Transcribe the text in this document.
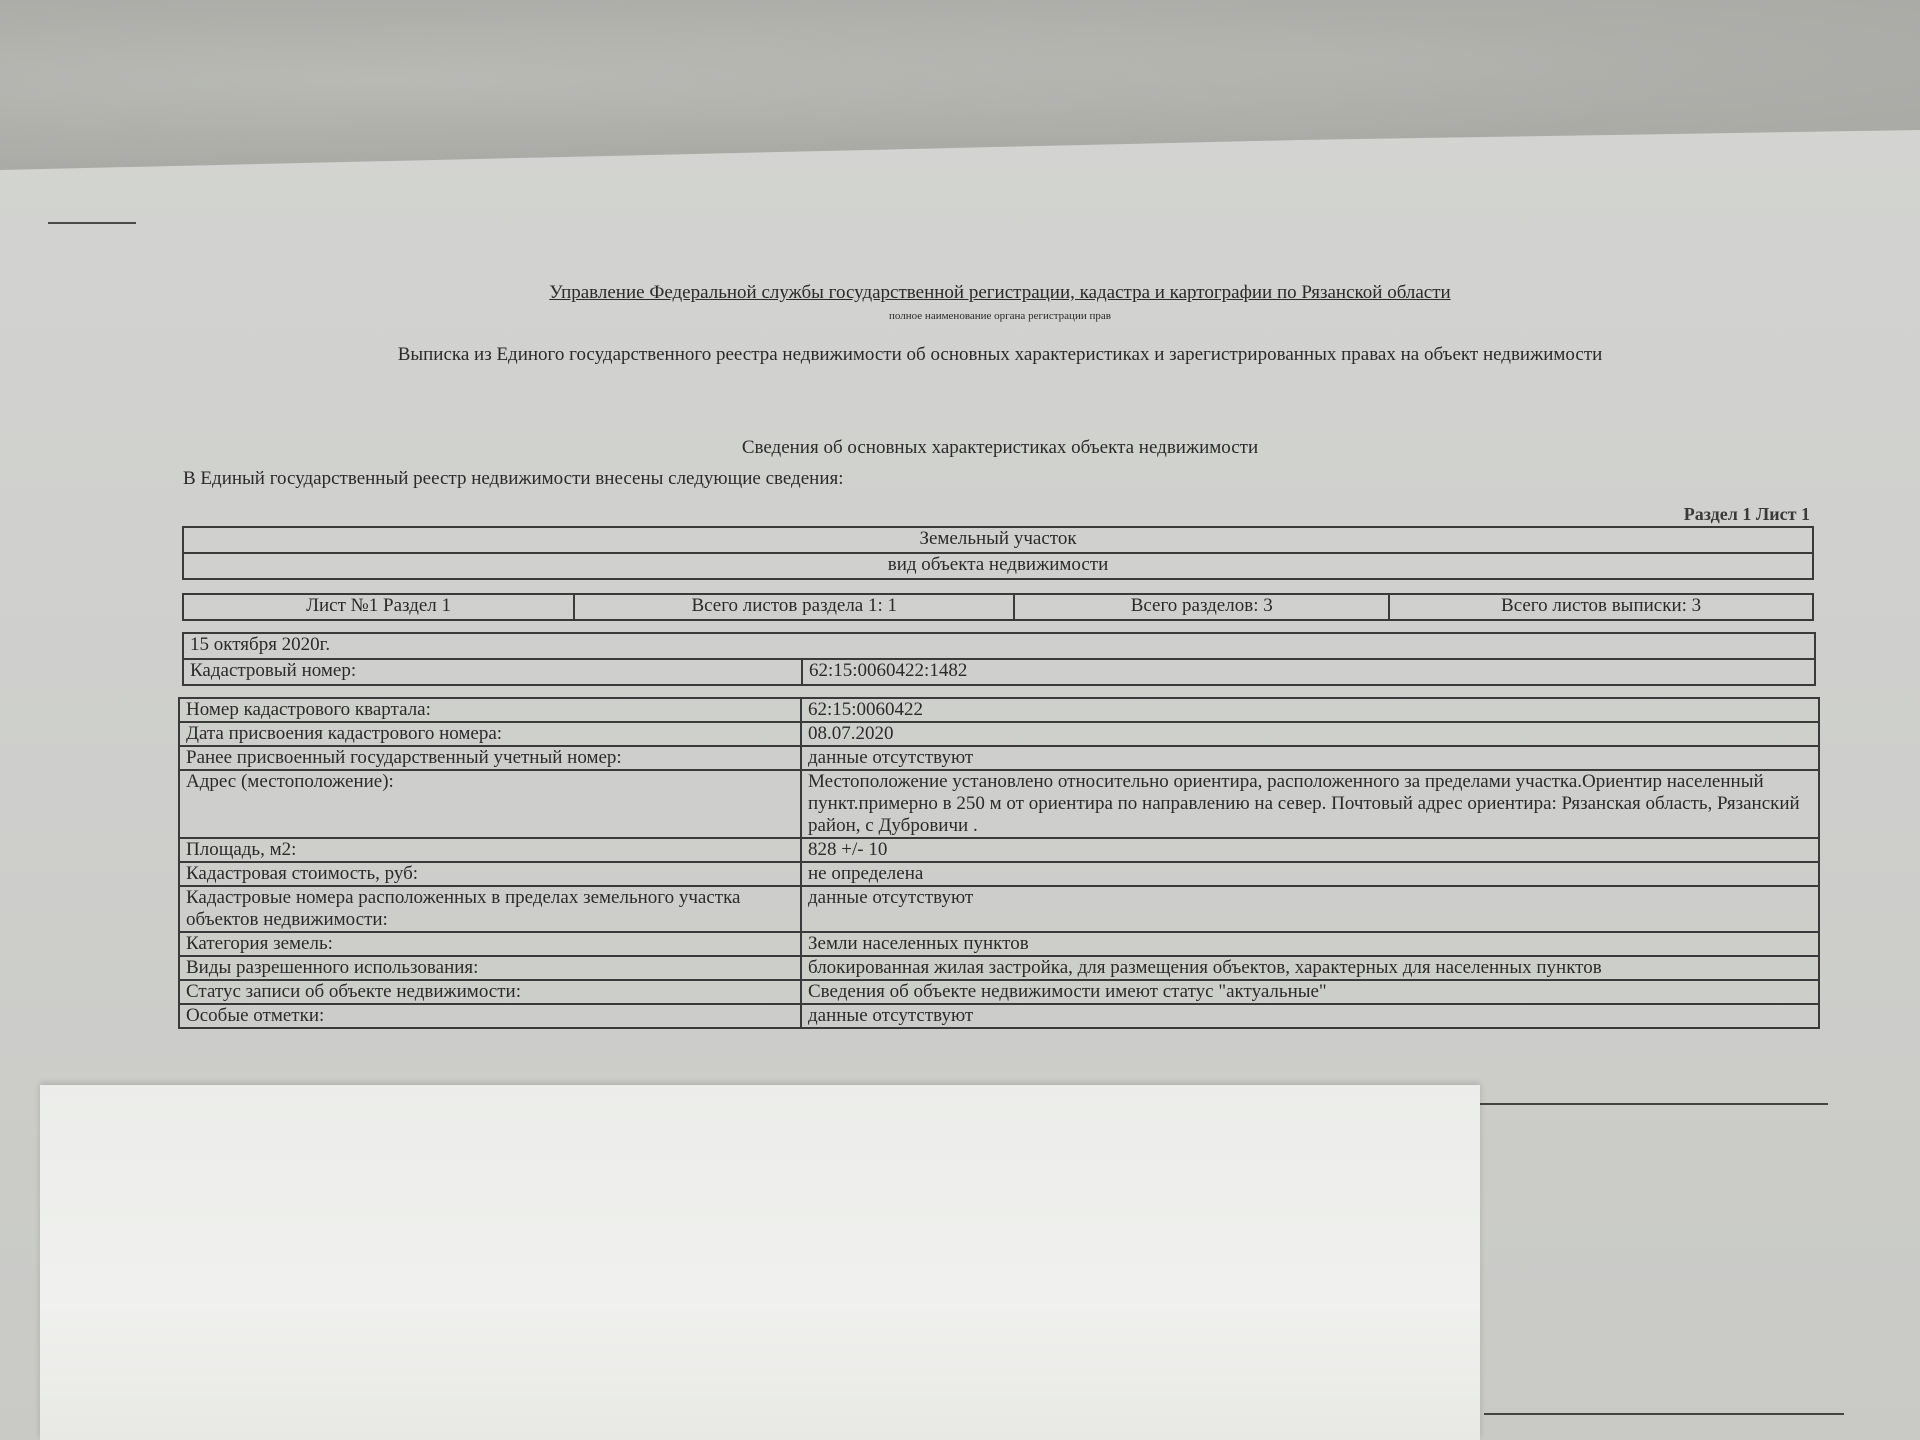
Управление Федеральной службы государственной регистрации, кадастра и картографии по Рязанской области
полное наименование органа регистрации прав
Выписка из Единого государственного реестра недвижимости об основных характеристиках и зарегистрированных правах на объект недвижимости
Сведения об основных характеристиках объекта недвижимости
В Единый государственный реестр недвижимости внесены следующие сведения:
Раздел 1 Лист 1
Земельный участок
вид объекта недвижимости
Лист №1 Раздел 1	Всего листов раздела 1: 1	Всего разделов: 3	Всего листов выписки: 3
15 октября 2020г.
Кадастровый номер:	62:15:0060422:1482
Номер кадастрового квартала:	62:15:0060422
Дата присвоения кадастрового номера:	08.07.2020
Ранее присвоенный государственный учетный номер:	данные отсутствуют
Адрес (местоположение):	Местоположение установлено относительно ориентира, расположенного за пределами участка.Ориентир населенный пункт.примерно в 250 м от ориентира по направлению на север. Почтовый адрес ориентира: Рязанская область, Рязанский район, с Дубровичи .
Площадь, м2:	828 +/- 10
Кадастровая стоимость, руб:	не определена
Кадастровые номера расположенных в пределах земельного участка объектов недвижимости:	данные отсутствуют
Категория земель:	Земли населенных пунктов
Виды разрешенного использования:	блокированная жилая застройка, для размещения объектов, характерных для населенных пунктов
Статус записи об объекте недвижимости:	Сведения об объекте недвижимости имеют статус "актуальные"
Особые отметки:	данные отсутствуют
